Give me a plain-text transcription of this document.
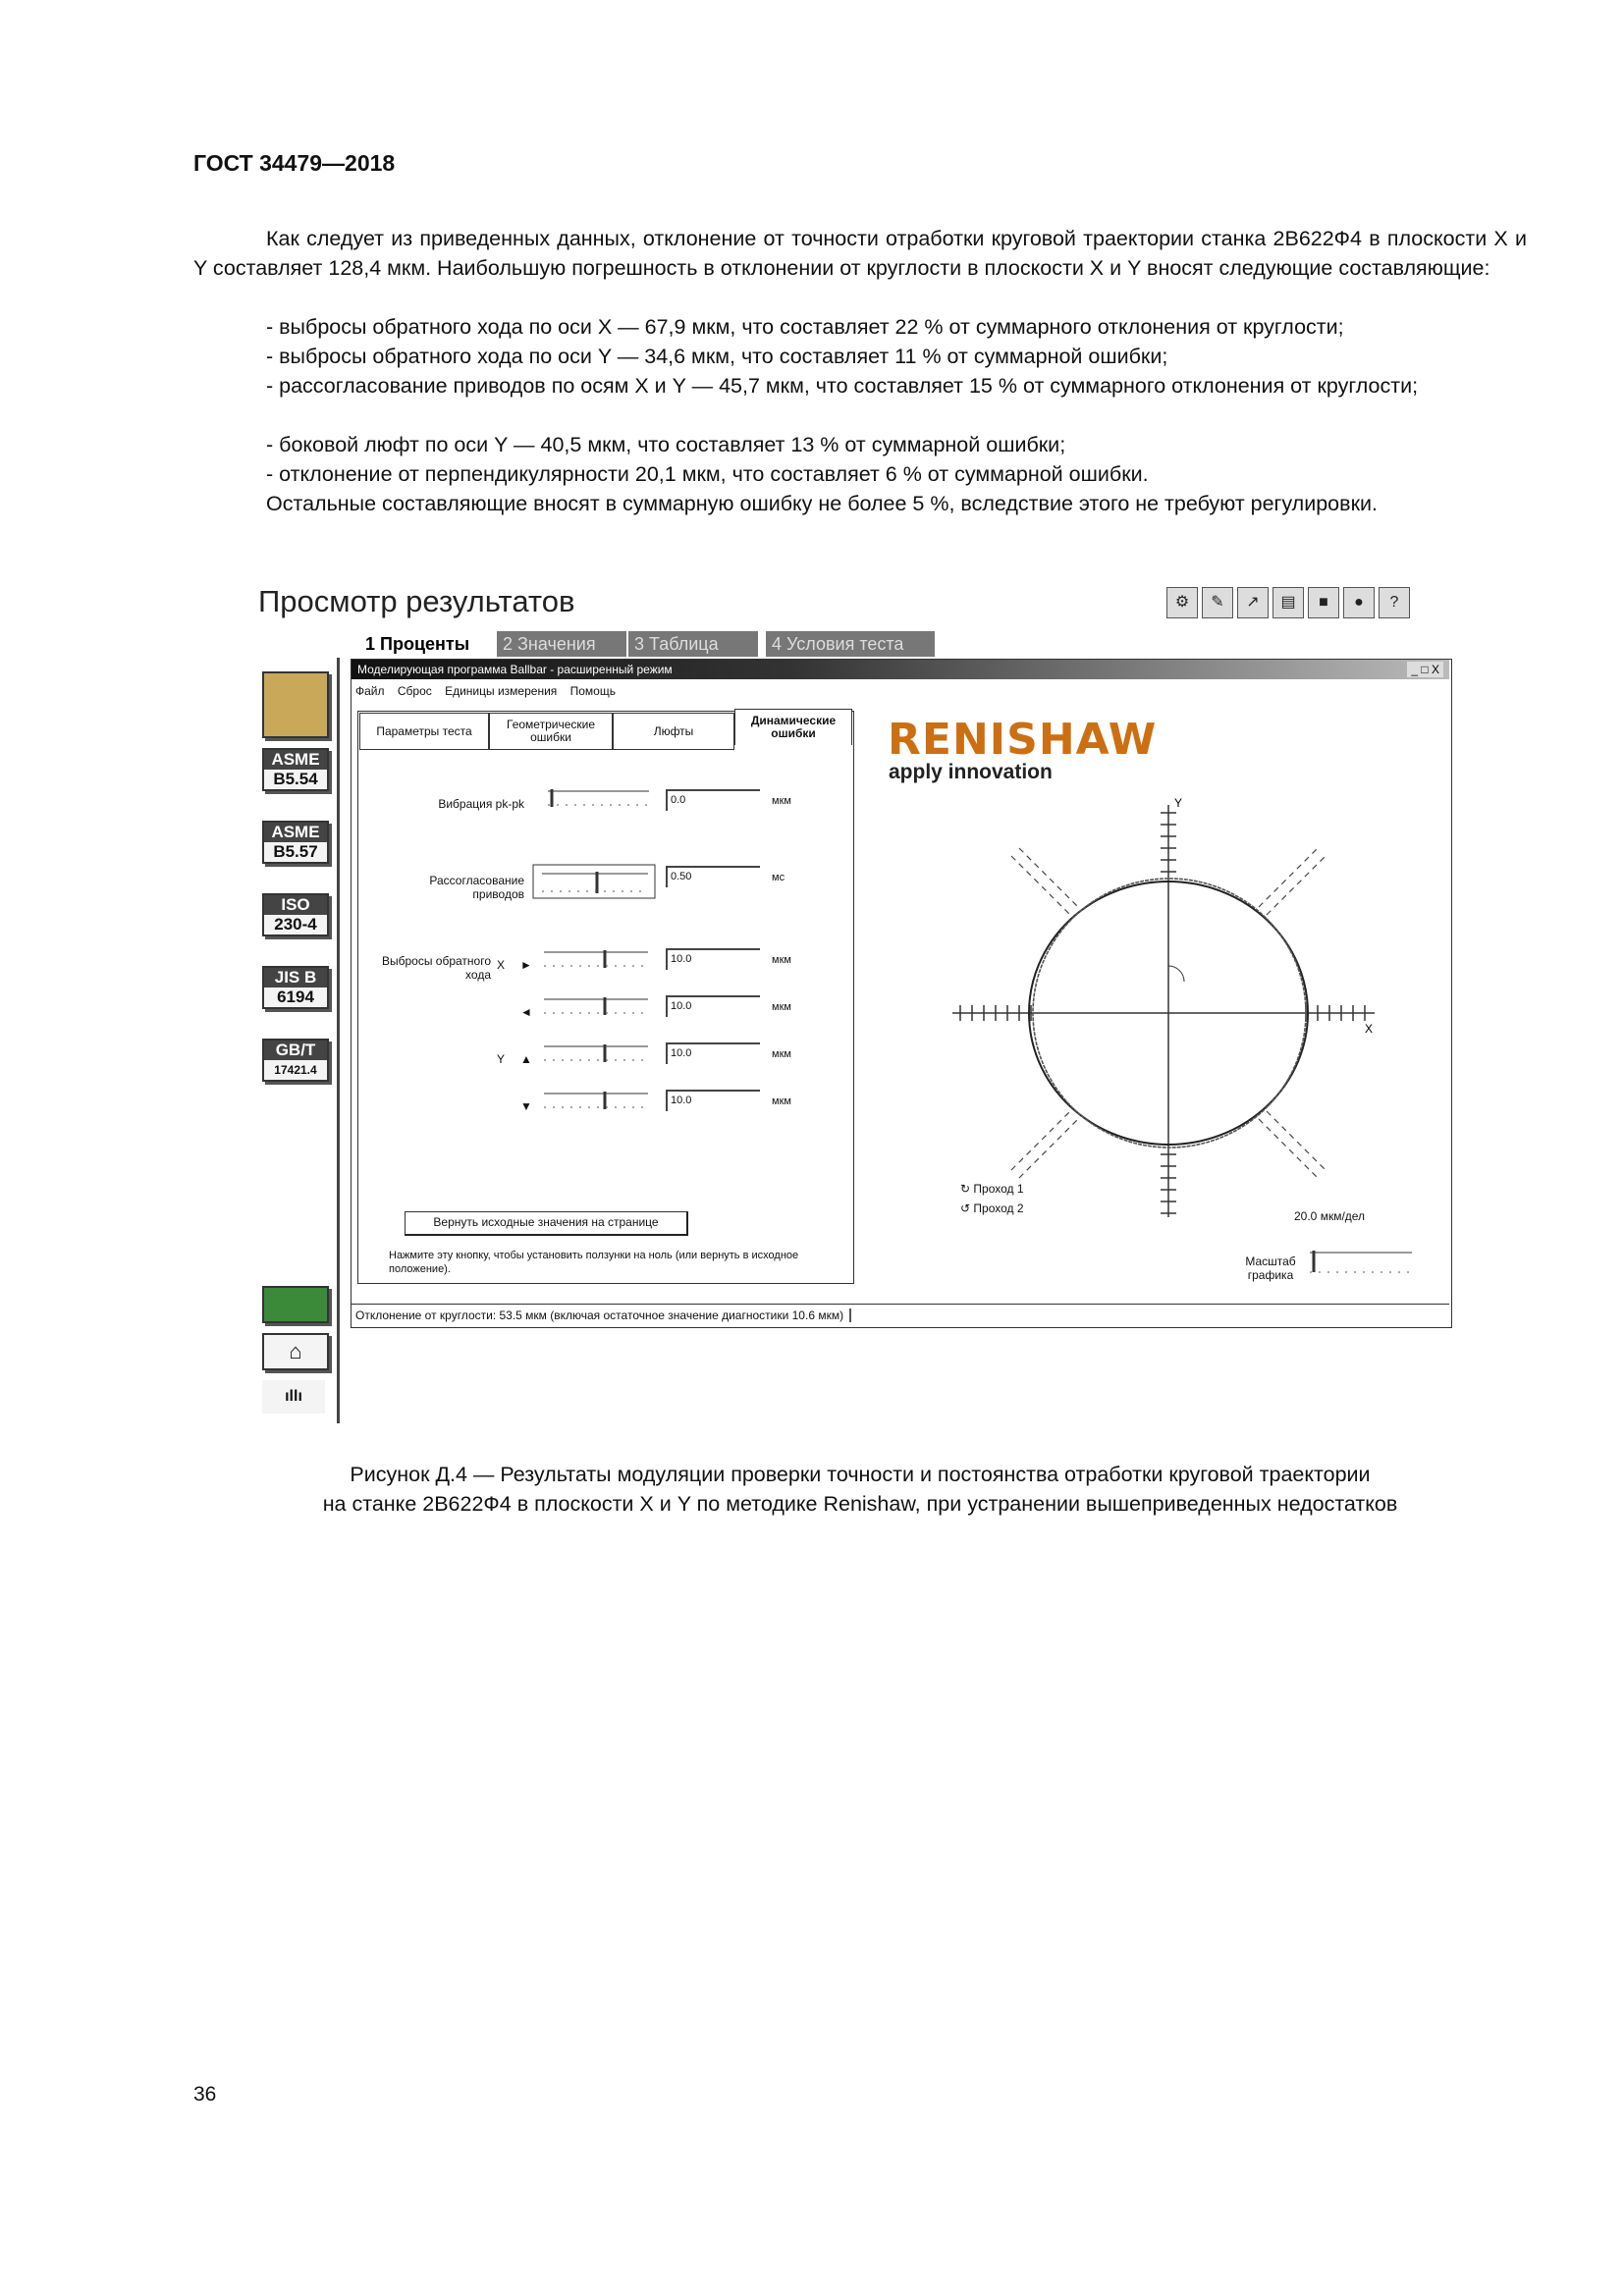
ГОСТ 34479—2018
Как следует из приведенных данных, отклонение от точности отработки круговой траектории станка 2В622Ф4 в плоскости X и Y составляет 128,4 мкм. Наибольшую погрешность в отклонении от круглости в плоскости X и Y вносят следующие составляющие:
- выбросы обратного хода по оси X — 67,9 мкм, что составляет 22 % от суммарного отклонения от круглости;
- выбросы обратного хода по оси Y — 34,6 мкм, что составляет 11 % от суммарной ошибки;
- рассогласование приводов по осям X и Y — 45,7 мкм, что составляет 15 % от суммарного отклонения от круглости;
- боковой люфт по оси Y — 40,5 мкм, что составляет 13 % от суммарной ошибки;
- отклонение от перпендикулярности 20,1 мкм, что составляет 6 % от суммарной ошибки.
Остальные составляющие вносят в суммарную ошибку не более 5 %, вследствие этого не требуют регулировки.
Просмотр результатов	⚙	✎	↗	▤	■	●	?
1 Проценты	2 Значения	3 Таблица	4 Условия теста
ASME
B5.54
ASME
B5.57
ISO
230-4
JIS B
6194
GB/T
17421.4
⌂
ıllı
Моделирующая программа Ballbar - расширенный режим	_ □ X
Файл Сброс Единицы измерения Помощь
Параметры теста	Геометрические ошибки	Люфты
Динамические ошибки
Вибрация pk-pk	0.0	мкм
Рассогласование приводов
0.50	мс
Выбросы обратного хода
X ►	10.0	мкм
◄	10.0	мкм
Y ▲	10.0	мкм
▼	10.0	мкм
Вернуть исходные значения на странице
Нажмите эту кнопку, чтобы установить ползунки на ноль (или вернуть в исходное положение).
Отклонение от круглости: 53.5 мкм (включая остаточное значение диагностики 10.6 мкм)
RENISHAW
apply innovation
Y
X
↻ Проход 1
↺ Проход 2
20.0 мкм/дел
Масштаб графика
Рисунок Д.4 — Результаты модуляции проверки точности и постоянства отработки круговой траектории
на станке 2В622Ф4 в плоскости X и Y по методике Renishaw, при устранении вышеприведенных недостатков
36
